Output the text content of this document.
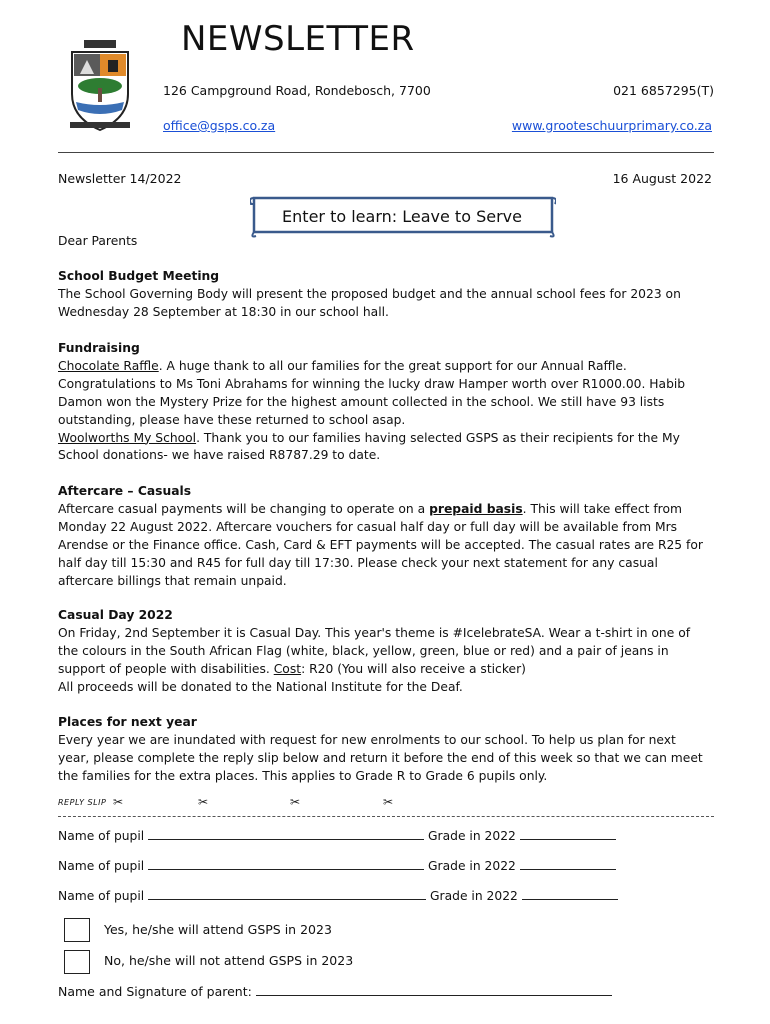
NEWSLETTER
126 Campground Road, Rondebosch, 7700	021 6857295(T)
office@gsps.co.za	www.grooteschuurprimary.co.za
Newsletter 14/2022	16 August 2022
Enter to learn: Leave to Serve
Dear Parents

School Budget Meeting

The School Governing Body will present the proposed budget and the annual school fees for 2023 on

Wednesday 28 September at 18:30 in our school hall.

Fundraising

Chocolate Raffle. A huge thank to all our families for the great support for our Annual Raffle.

Congratulations to Ms Toni Abrahams for winning the lucky draw Hamper worth over R1000.00. Habib

Damon won the Mystery Prize for the highest amount collected in the school. We still have 93 lists

outstanding, please have these returned to school asap.

Woolworths My School. Thank you to our families having selected GSPS as their recipients for the My

School donations- we have raised R8787.29 to date.

Aftercare – Casuals

Aftercare casual payments will be changing to operate on a prepaid basis. This will take effect from

Monday 22 August 2022. Aftercare vouchers for casual half day or full day will be available from Mrs

Arendse or the Finance office. Cash, Card & EFT payments will be accepted. The casual rates are R25 for

half day till 15:30 and R45 for full day till 17:30. Please check your next statement for any casual

aftercare billings that remain unpaid.

Casual Day 2022

On Friday, 2nd September it is Casual Day. This year's theme is #IcelebrateSA. Wear a t-shirt in one of

the colours in the South African Flag (white, black, yellow, green, blue or red) and a pair of jeans in

support of people with disabilities. Cost: R20 (You will also receive a sticker)

All proceeds will be donated to the National Institute for the Deaf.

Places for next year

Every year we are inundated with request for new enrolments to our school. To help us plan for next

year, please complete the reply slip below and return it before the end of this week so that we can meet

the families for the extra places. This applies to Grade R to Grade 6 pupils only.

REPLY SLIP ✂	✂	✂	✂
Name of pupil	Grade in 2022
Name of pupil	Grade in 2022
Name of pupil	Grade in 2022
Yes, he/she will attend GSPS in 2023
No, he/she will not attend GSPS in 2023
Name and Signature of parent:
